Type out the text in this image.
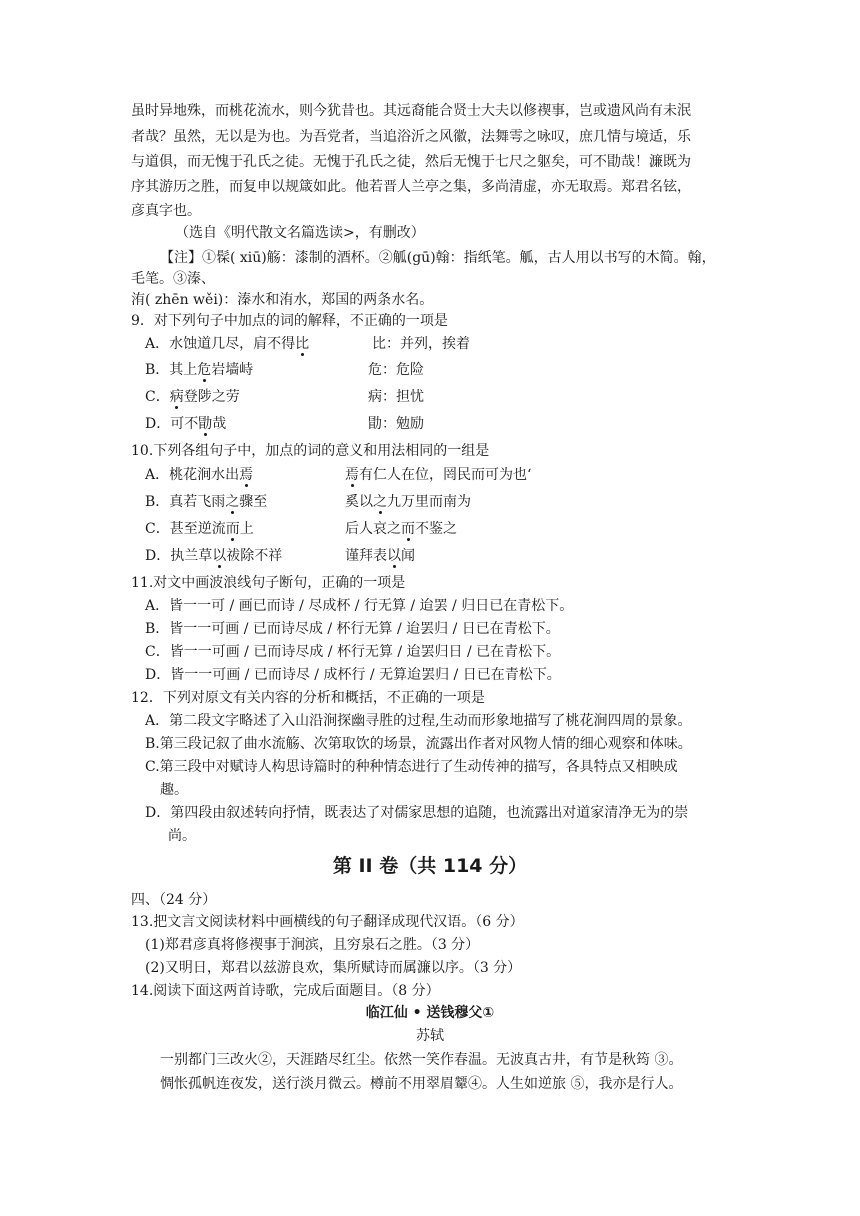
虽时异地殊，而桃花流水，则今犹昔也。其远裔能合贤士大夫以修禊事，岂或遗风尚有未泯
者哉？虽然，无以是为也。为吾党者，当追浴沂之风徽，法舞雩之咏叹，庶几情与境适，乐
与道俱，而无愧于孔氏之徒。无愧于孔氏之徒，然后无愧于七尺之躯矣，可不勖哉！濂既为
序其游历之胜，而复申以规箴如此。他若晋人兰亭之集，多尚清虚，亦无取焉。郑君名铉，
彦真字也。
（选自《明代散文名篇选读>，有删改）
【注】①髹( xiū)觞：漆制的酒杯。②觚(gū)翰：指纸笔。觚，古人用以书写的木简。翰，
毛笔。③溱、
洧( zhēn wěi)：溱水和洧水，郑国的两条水名。
9．对下列句子中加点的词的解释，不正确的一项是
A．水蚀道几尽，肩不得比	比：并列，挨着
B．其上危岩墙峙	危：危险
C．病登陟之劳	病：担忧
D．可不勖哉	勖：勉励
10.下列各组句子中，加点的词的意义和用法相同的一组是
A．桃花涧水出焉	焉有仁人在位，罔民而可为也‘
B．真若飞雨之骤至	奚以之九万里而南为
C．甚至逆流而上	后人哀之而不鉴之
D．执兰草以祓除不祥	谨拜表以闻
11.对文中画波浪线句子断句，正确的一项是
A．皆一一可 / 画已而诗 / 尽成杯 / 行无算 / 迨罢 / 归日已在青松下。
B．皆一一可画 / 已而诗尽成 / 杯行无算 / 迨罢归 / 日已在青松下。
C．皆一一可画 / 已而诗尽成 / 杯行无算 / 迨罢归日 / 已在青松下。
D．皆一一可画 / 已而诗尽 / 成杯行 / 无算迨罢归 / 日已在青松下。
12．下列对原文有关内容的分析和概括，不正确的一项是
A．第二段文字略述了入山沿涧探幽寻胜的过程,生动而形象地描写了桃花涧四周的景象。
B.第三段记叙了曲水流觞、次第取饮的场景，流露出作者对风物人情的细心观察和体味。
C.第三段中对赋诗人构思诗篇时的种种情态进行了生动传神的描写，各具特点又相映成
趣。
D．第四段由叙述转向抒情，既表达了对儒家思想的追随，也流露出对道家清净无为的崇
尚。
第 II 卷（共 114 分）
四、（24 分）
13.把文言文阅读材料中画横线的句子翻译成现代汉语。（6 分）
(1)郑君彦真将修禊事于涧滨，且穷泉石之胜。（3 分）
(2)又明日，郑君以兹游良欢，集所赋诗而属濂以序。（3 分）
14.阅读下面这两首诗歌，完成后面题目。（8 分）
临江仙 • 送钱穆父①
苏轼
一别都门三改火②，天涯踏尽红尘。依然一笑作春温。无波真古井，有节是秋筠 ③。
惆怅孤帆连夜发，送行淡月微云。樽前不用翠眉颦④。人生如逆旅 ⑤，我亦是行人。
